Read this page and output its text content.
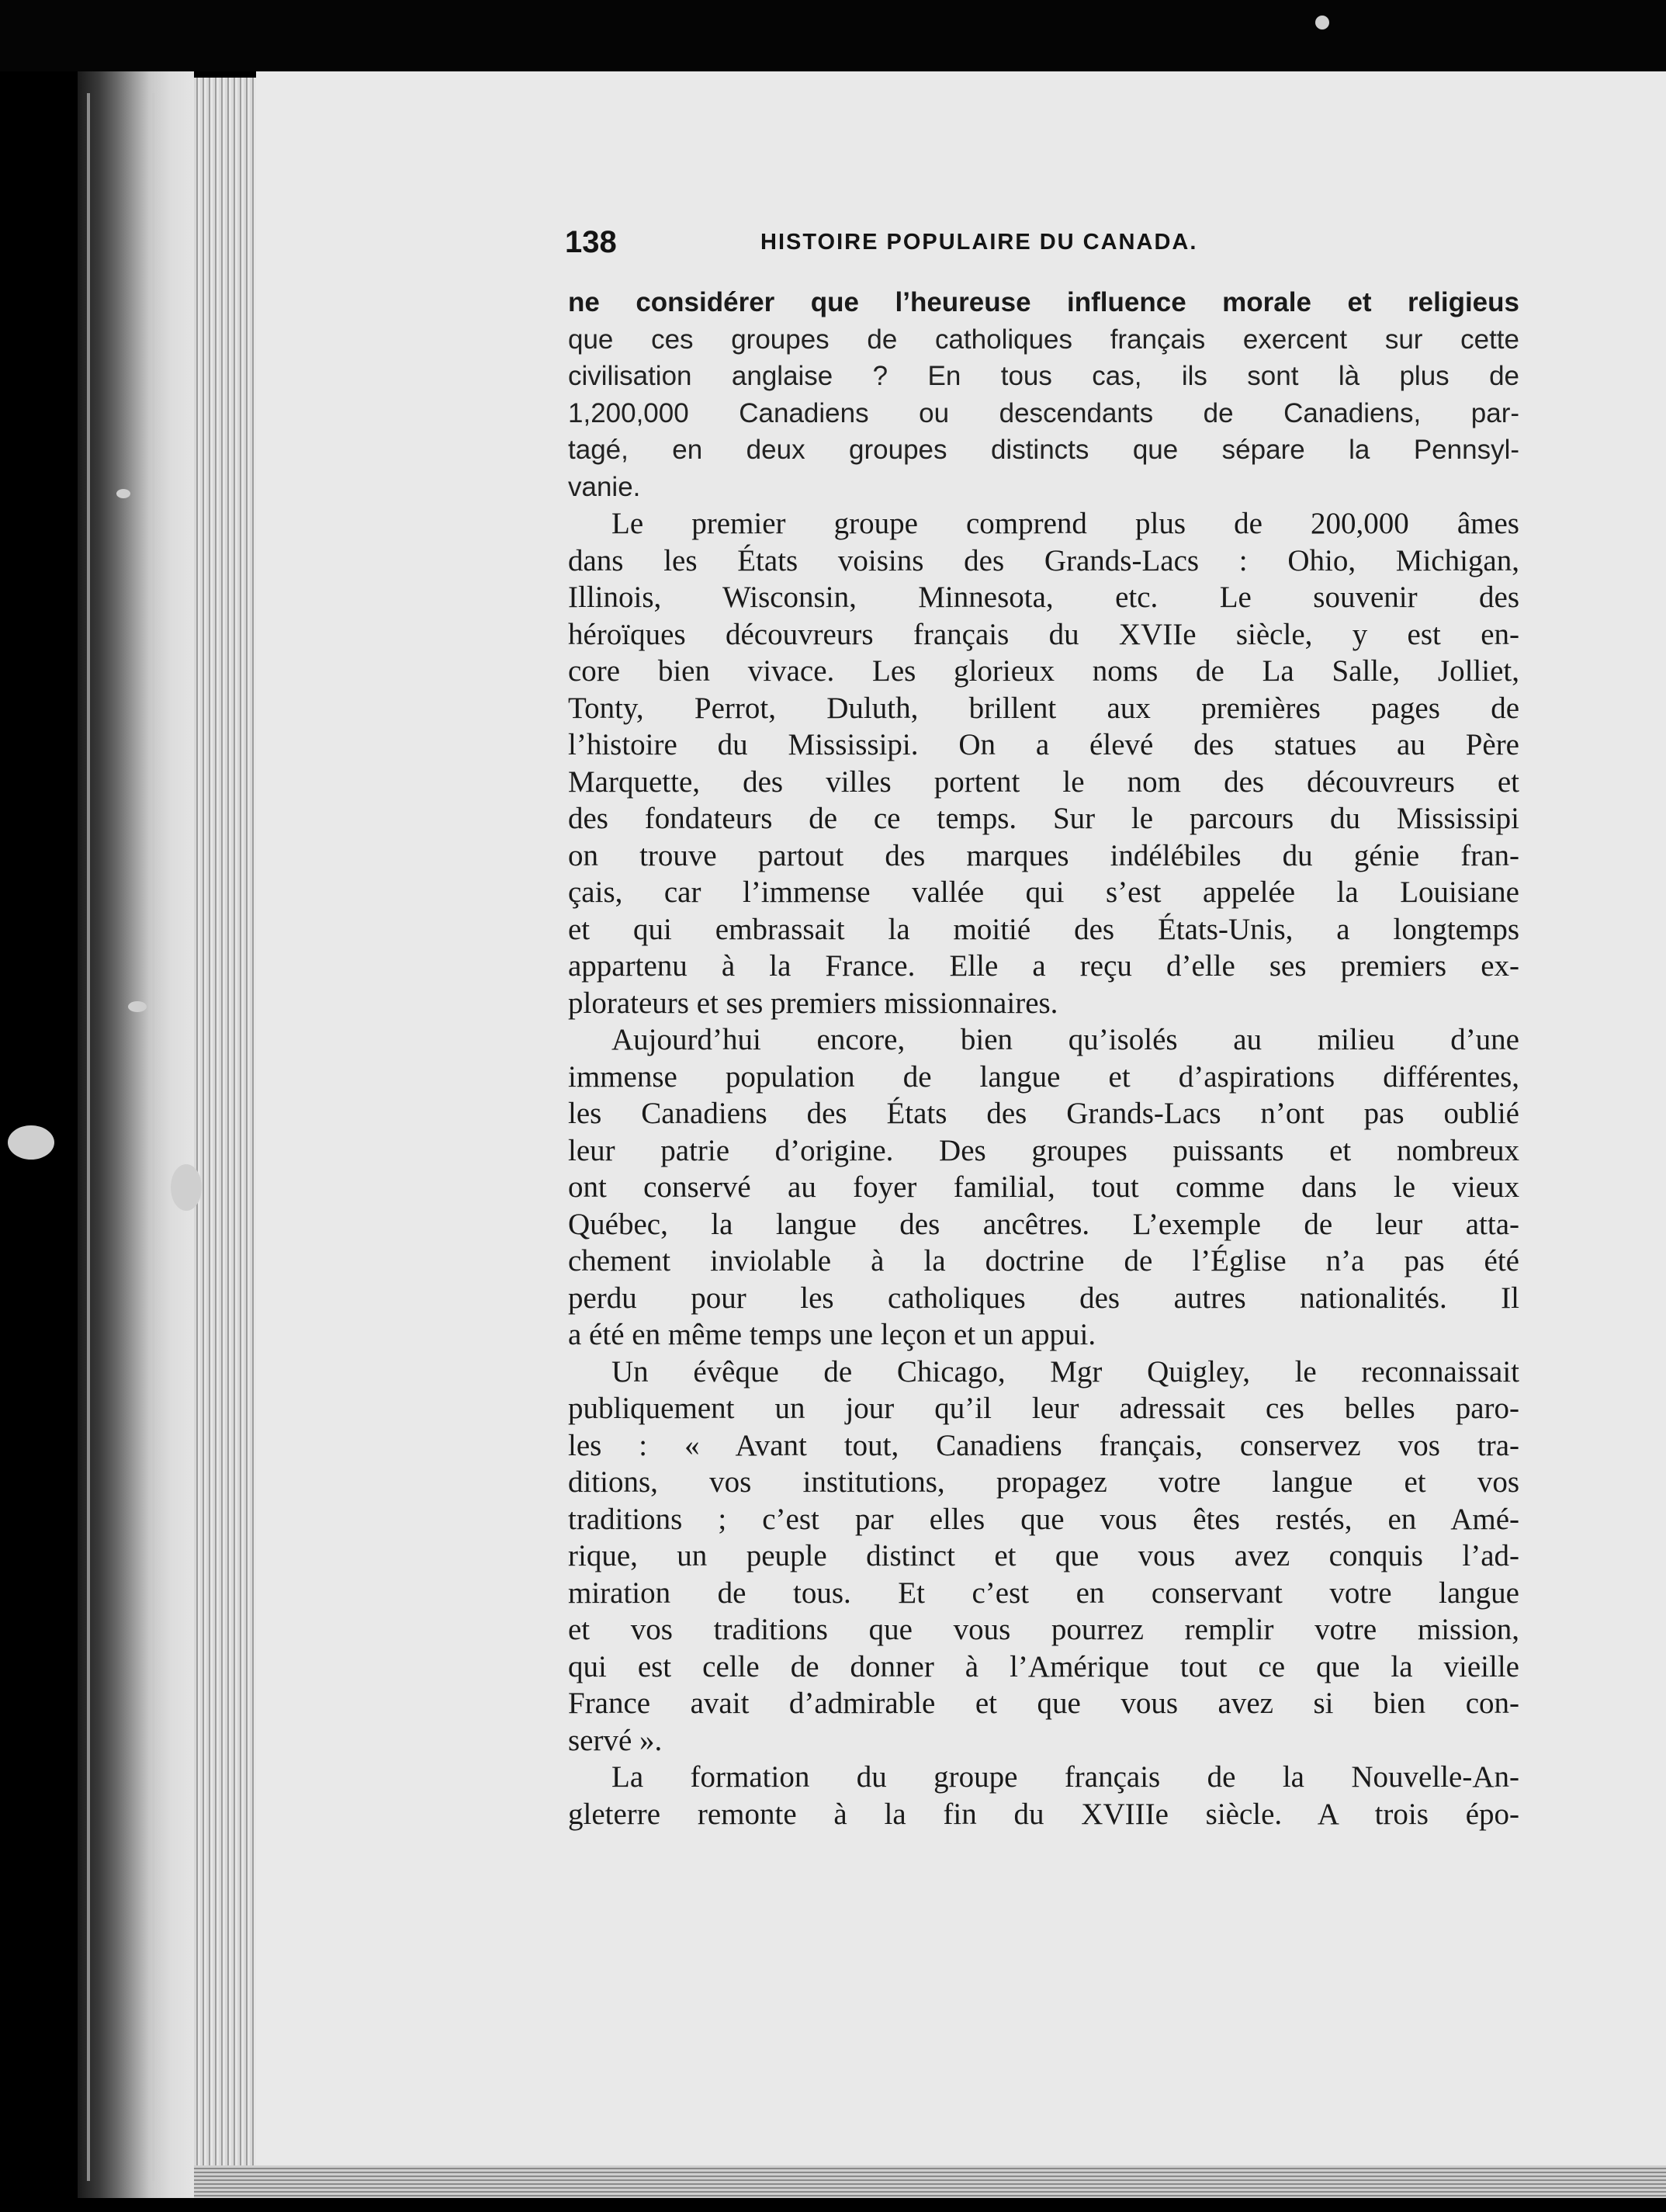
138	HISTOIRE POPULAIRE DU CANADA.
ne considérer que l’heureuse influence morale et religieus
que ces groupes de catholiques français exercent sur cette
civilisation anglaise ? En tous cas, ils sont là plus de
1,200,000 Canadiens ou descendants de Canadiens, par-
tagé, en deux groupes distincts que sépare la Pennsyl-
vanie.
Le premier groupe comprend plus de 200,000 âmes
dans les États voisins des Grands-Lacs : Ohio, Michigan,
Illinois, Wisconsin, Minnesota, etc. Le souvenir des
héroïques découvreurs français du XVIIe siècle, y est en-
core bien vivace. Les glorieux noms de La Salle, Jolliet,
Tonty, Perrot, Duluth, brillent aux premières pages de
l’histoire du Mississipi. On a élevé des statues au Père
Marquette, des villes portent le nom des découvreurs et
des fondateurs de ce temps. Sur le parcours du Mississipi
on trouve partout des marques indélébiles du génie fran-
çais, car l’immense vallée qui s’est appelée la Louisiane
et qui embrassait la moitié des États-Unis, a longtemps
appartenu à la France. Elle a reçu d’elle ses premiers ex-
plorateurs et ses premiers missionnaires.
Aujourd’hui encore, bien qu’isolés au milieu d’une
immense population de langue et d’aspirations différentes,
les Canadiens des États des Grands-Lacs n’ont pas oublié
leur patrie d’origine. Des groupes puissants et nombreux
ont conservé au foyer familial, tout comme dans le vieux
Québec, la langue des ancêtres. L’exemple de leur atta-
chement inviolable à la doctrine de l’Église n’a pas été
perdu pour les catholiques des autres nationalités. Il
a été en même temps une leçon et un appui.
Un évêque de Chicago, Mgr Quigley, le reconnaissait
publiquement un jour qu’il leur adressait ces belles paro-
les : « Avant tout, Canadiens français, conservez vos tra-
ditions, vos institutions, propagez votre langue et vos
traditions ; c’est par elles que vous êtes restés, en Amé-
rique, un peuple distinct et que vous avez conquis l’ad-
miration de tous. Et c’est en conservant votre langue
et vos traditions que vous pourrez remplir votre mission,
qui est celle de donner à l’Amérique tout ce que la vieille
France avait d’admirable et que vous avez si bien con-
servé ».
La formation du groupe français de la Nouvelle-An-
gleterre remonte à la fin du XVIIIe siècle. A trois épo-
